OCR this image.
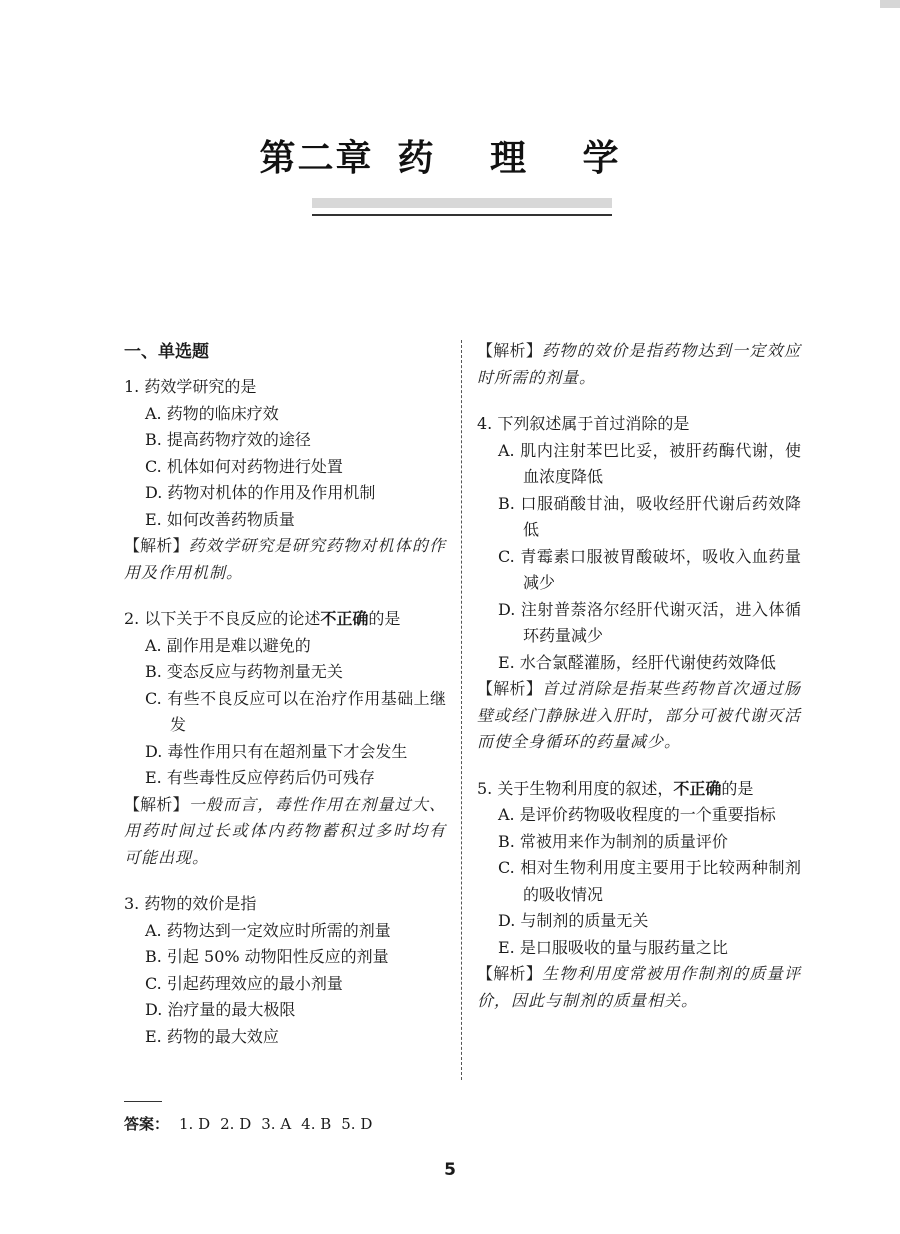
第二章 药 理 学
一、单选题
1. 药效学研究的是
A. 药物的临床疗效
B. 提高药物疗效的途径
C. 机体如何对药物进行处置
D. 药物对机体的作用及作用机制
E. 如何改善药物质量
【解析】药效学研究是研究药物对机体的作用及作用机制。
2. 以下关于不良反应的论述不正确的是
A. 副作用是难以避免的
B. 变态反应与药物剂量无关
C. 有些不良反应可以在治疗作用基础上继发
D. 毒性作用只有在超剂量下才会发生
E. 有些毒性反应停药后仍可残存
【解析】一般而言，毒性作用在剂量过大、用药时间过长或体内药物蓄积过多时均有可能出现。
3. 药物的效价是指
A. 药物达到一定效应时所需的剂量
B. 引起 50% 动物阳性反应的剂量
C. 引起药理效应的最小剂量
D. 治疗量的最大极限
E. 药物的最大效应
【解析】药物的效价是指药物达到一定效应时所需的剂量。
4. 下列叙述属于首过消除的是
A. 肌内注射苯巴比妥，被肝药酶代谢，使血浓度降低
B. 口服硝酸甘油，吸收经肝代谢后药效降低
C. 青霉素口服被胃酸破坏，吸收入血药量减少
D. 注射普萘洛尔经肝代谢灭活，进入体循环药量减少
E. 水合氯醛灌肠，经肝代谢使药效降低
【解析】首过消除是指某些药物首次通过肠壁或经门静脉进入肝时，部分可被代谢灭活而使全身循环的药量减少。
5. 关于生物利用度的叙述，不正确的是
A. 是评价药物吸收程度的一个重要指标
B. 常被用来作为制剂的质量评价
C. 相对生物利用度主要用于比较两种制剂的吸收情况
D. 与制剂的质量无关
E. 是口服吸收的量与服药量之比
【解析】生物利用度常被用作制剂的质量评价，因此与制剂的质量相关。
答案： 1. D 2. D 3. A 4. B 5. D
5
